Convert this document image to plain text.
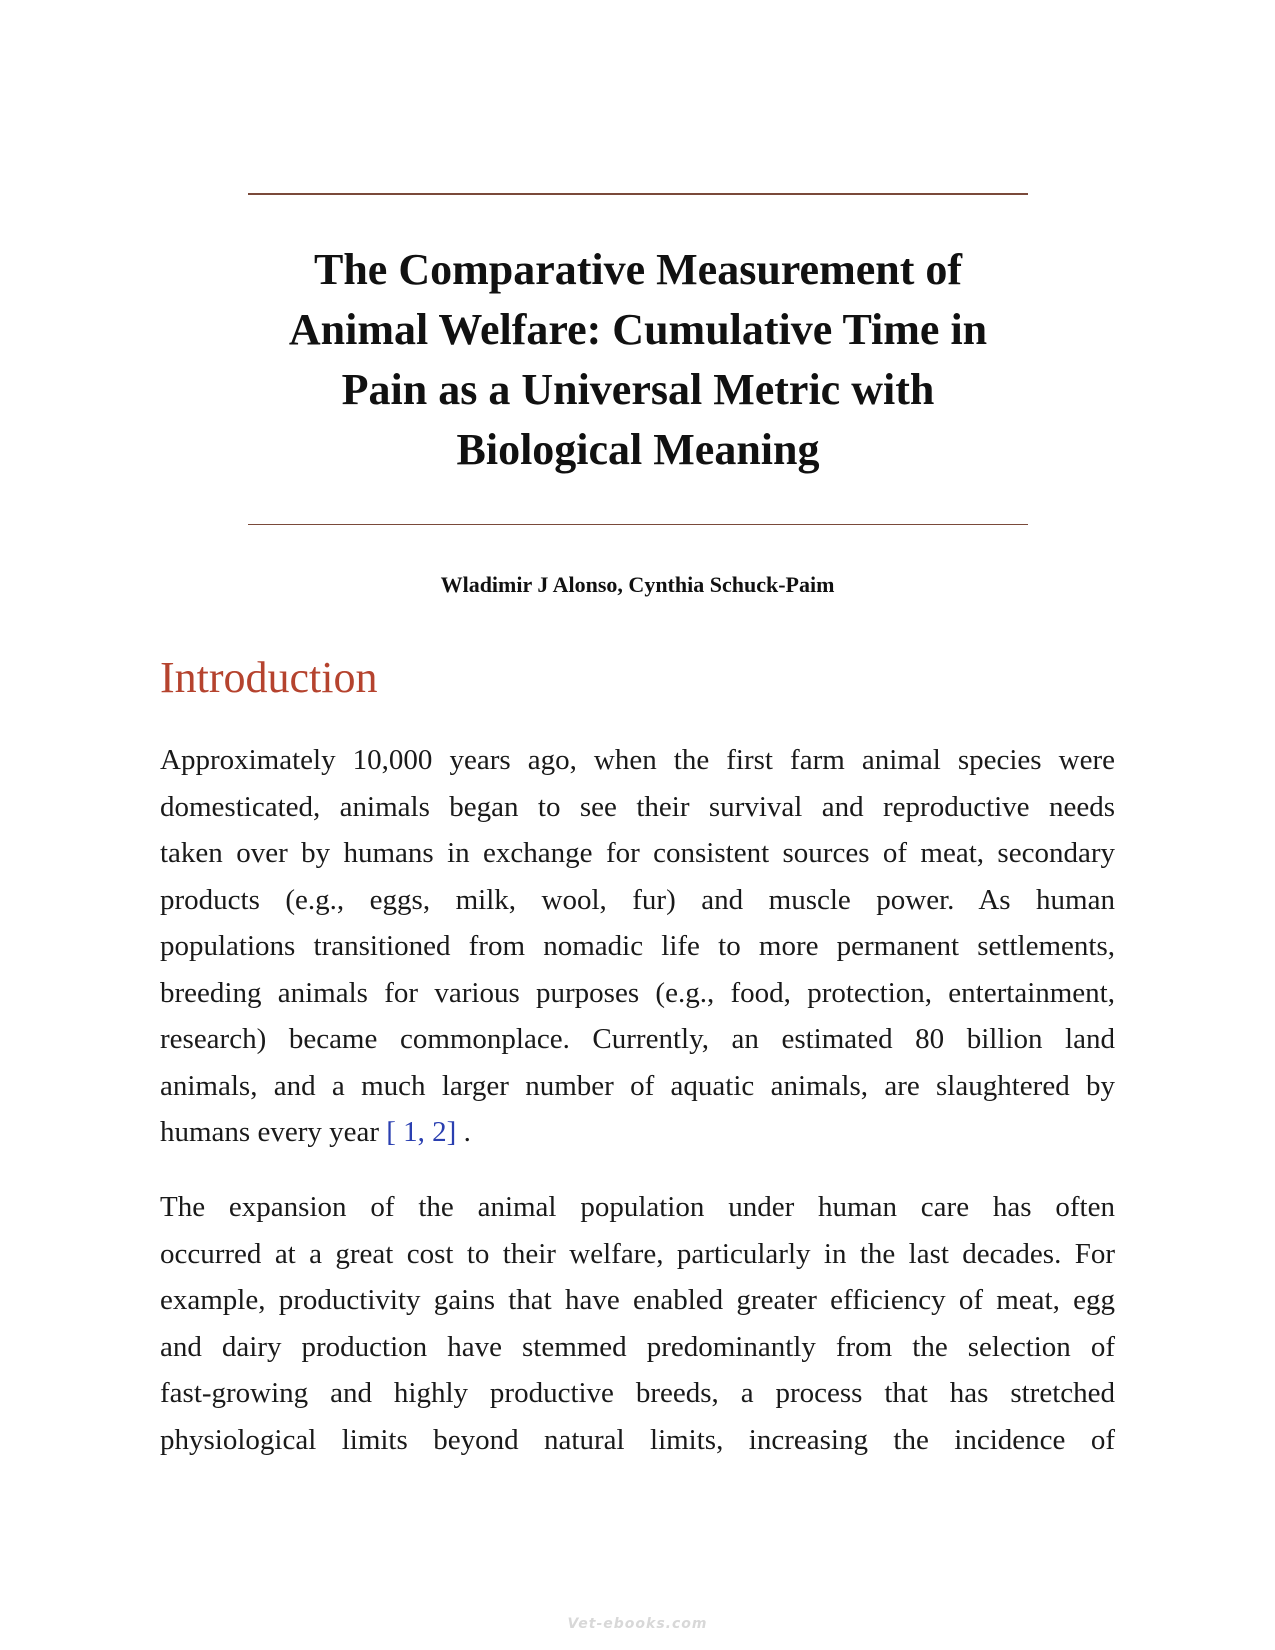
The Comparative Measurement of
Animal Welfare: Cumulative Time in
Pain as a Universal Metric with
Biological Meaning
Wladimir J Alonso, Cynthia Schuck-Paim
Introduction

Approximately 10,000 years ago, when the first farm animal species were
domesticated, animals began to see their survival and reproductive needs
taken over by humans in exchange for consistent sources of meat, secondary
products (e.g., eggs, milk, wool, fur) and muscle power. As human
populations transitioned from nomadic life to more permanent settlements,
breeding animals for various purposes (e.g., food, protection, entertainment,
research) became commonplace. Currently, an estimated 80 billion land
animals, and a much larger number of aquatic animals, are slaughtered by
humans every year [ 1, 2] .

The expansion of the animal population under human care has often
occurred at a great cost to their welfare, particularly in the last decades. For
example, productivity gains that have enabled greater efficiency of meat, egg
and dairy production have stemmed predominantly from the selection of
fast-growing and highly productive breeds, a process that has stretched
physiological limits beyond natural limits, increasing the incidence of

Vet-ebooks.com
